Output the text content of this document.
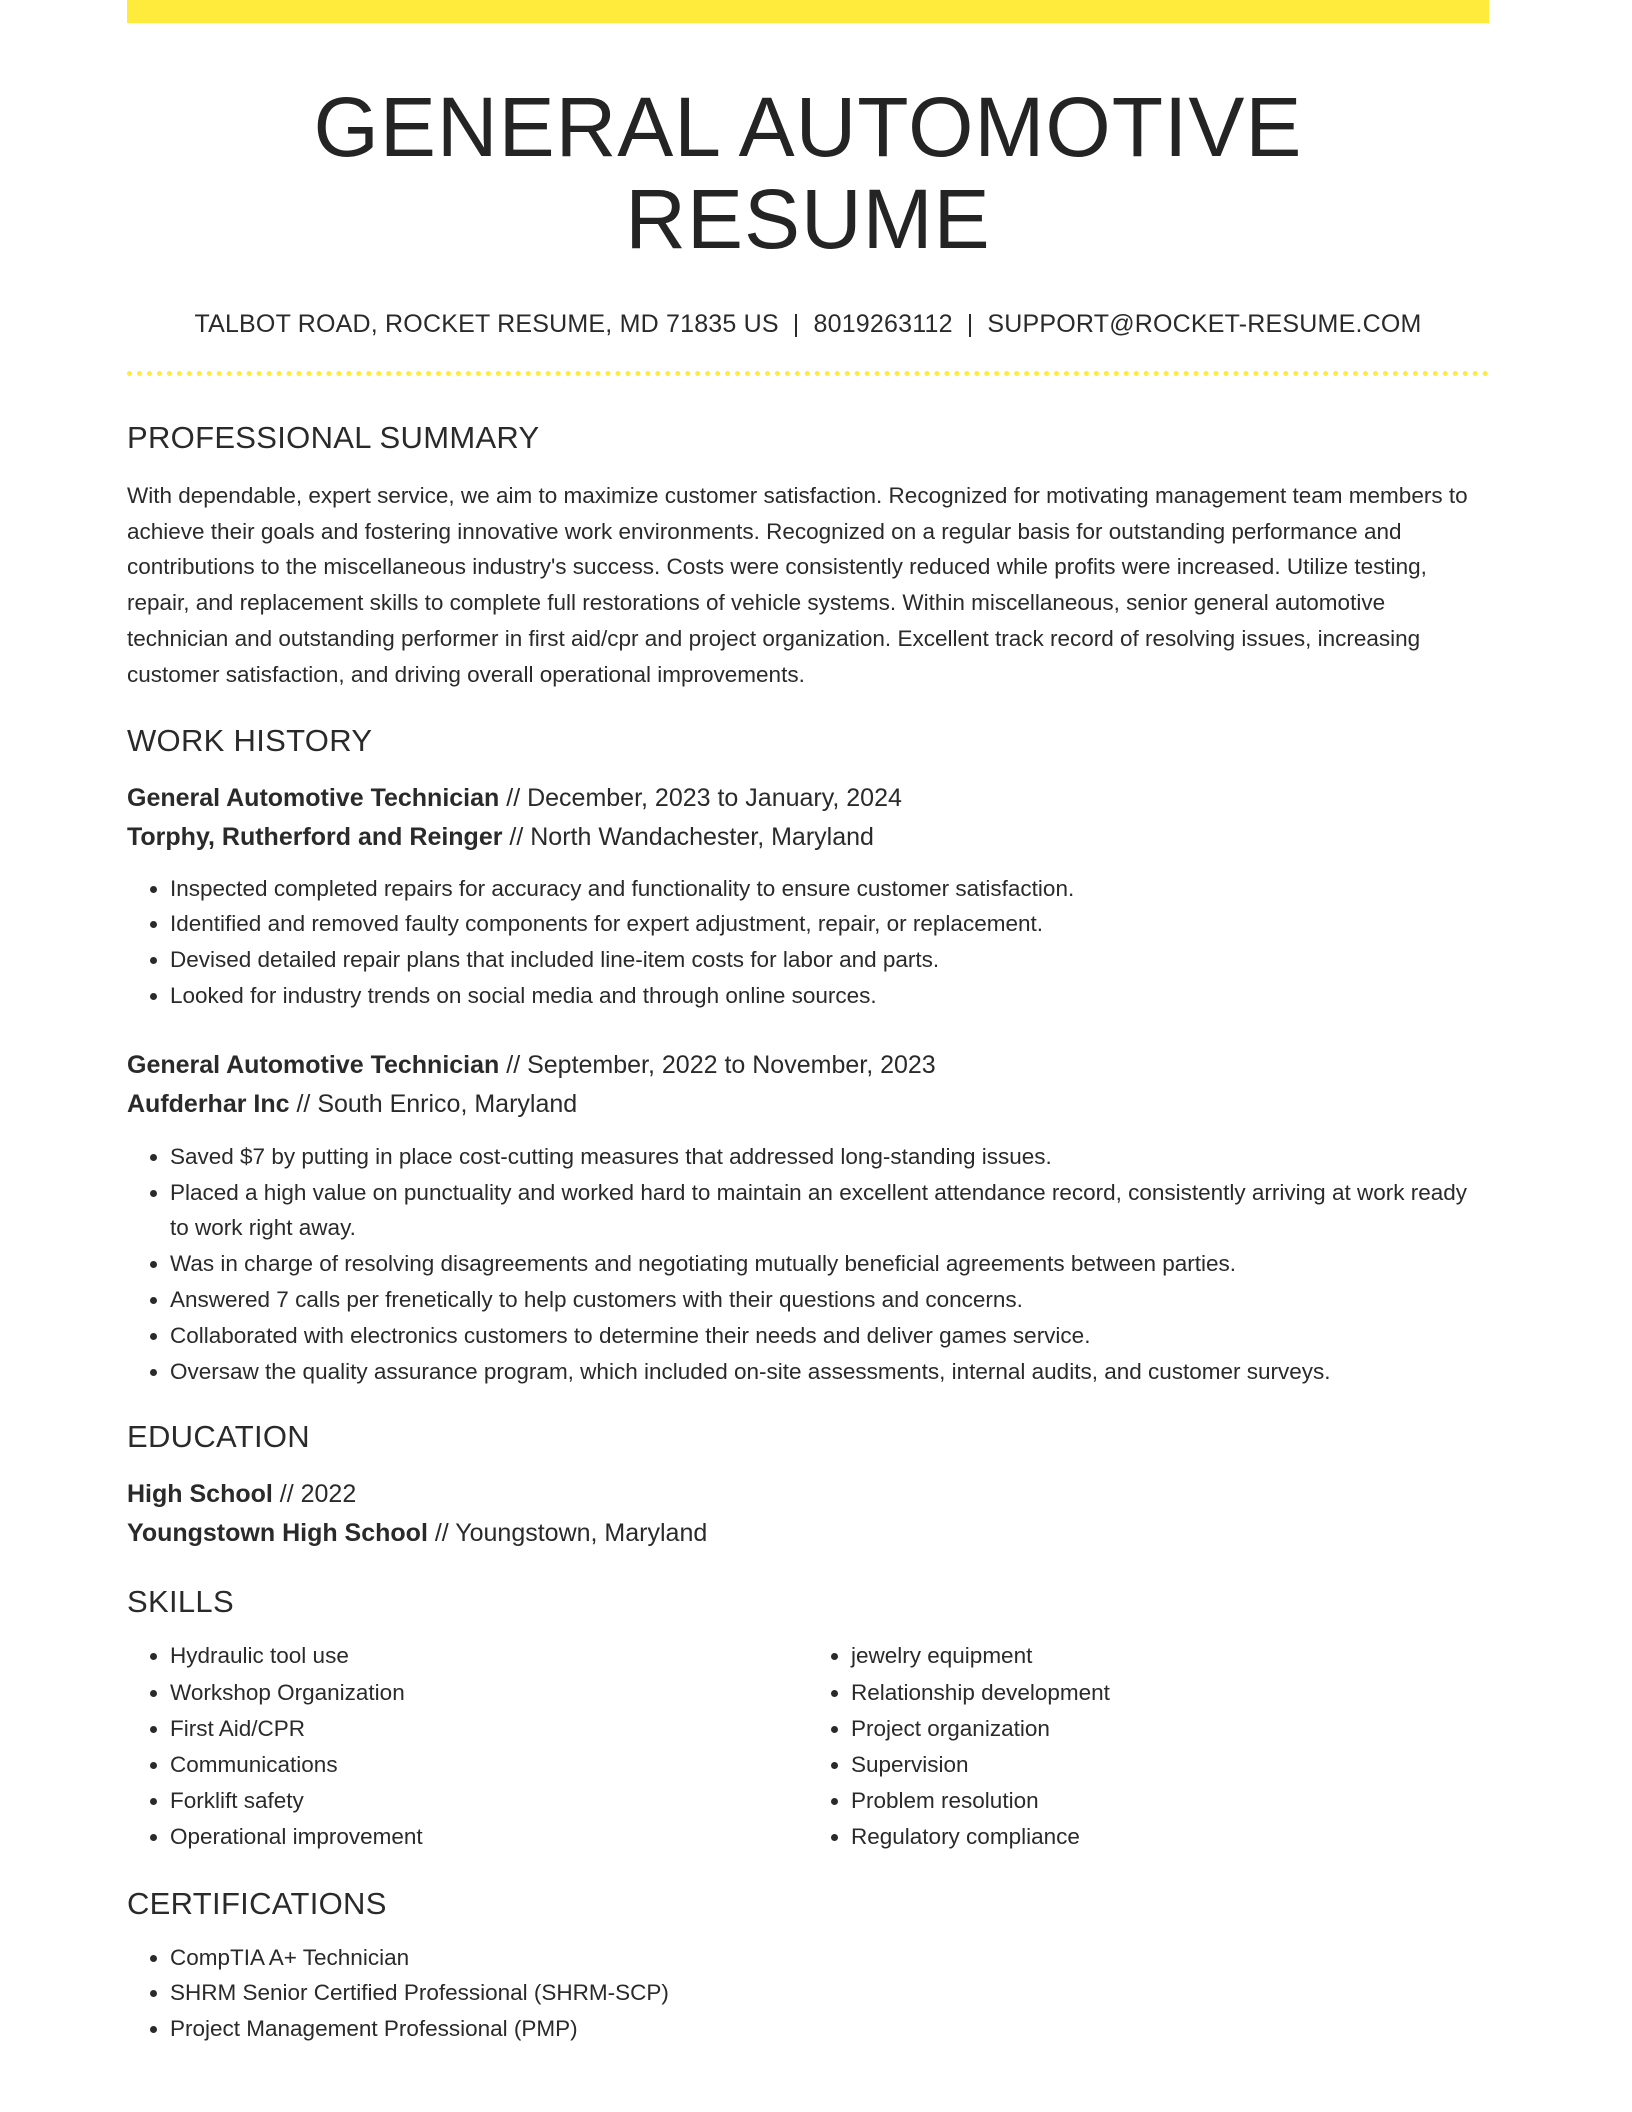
GENERAL AUTOMOTIVE RESUME
TALBOT ROAD, ROCKET RESUME, MD 71835 US | 8019263112 | SUPPORT@ROCKET-RESUME.COM
PROFESSIONAL SUMMARY

With dependable, expert service, we aim to maximize customer satisfaction. Recognized for motivating management team members to achieve their goals and fostering innovative work environments. Recognized on a regular basis for outstanding performance and contributions to the miscellaneous industry's success. Costs were consistently reduced while profits were increased. Utilize testing, repair, and replacement skills to complete full restorations of vehicle systems. Within miscellaneous, senior general automotive technician and outstanding performer in first aid/cpr and project organization. Excellent track record of resolving issues, increasing customer satisfaction, and driving overall operational improvements.

WORK HISTORY
General Automotive Technician // December, 2023 to January, 2024
Torphy, Rutherford and Reinger // North Wandachester, Maryland
• Inspected completed repairs for accuracy and functionality to ensure customer satisfaction.
• Identified and removed faulty components for expert adjustment, repair, or replacement.
• Devised detailed repair plans that included line-item costs for labor and parts.
• Looked for industry trends on social media and through online sources.
General Automotive Technician // September, 2022 to November, 2023
Aufderhar Inc // South Enrico, Maryland
• Saved $7 by putting in place cost-cutting measures that addressed long-standing issues.
• Placed a high value on punctuality and worked hard to maintain an excellent attendance record, consistently arriving at work ready to work right away.
• Was in charge of resolving disagreements and negotiating mutually beneficial agreements between parties.
• Answered 7 calls per frenetically to help customers with their questions and concerns.
• Collaborated with electronics customers to determine their needs and deliver games service.
• Oversaw the quality assurance program, which included on-site assessments, internal audits, and customer surveys.
EDUCATION
High School // 2022
Youngstown High School // Youngstown, Maryland
SKILLS
• Hydraulic tool use
• Workshop Organization
• First Aid/CPR
• Communications
• Forklift safety
• Operational improvement
• jewelry equipment
• Relationship development
• Project organization
• Supervision
• Problem resolution
• Regulatory compliance
CERTIFICATIONS
• CompTIA A+ Technician
• SHRM Senior Certified Professional (SHRM-SCP)
• Project Management Professional (PMP)
